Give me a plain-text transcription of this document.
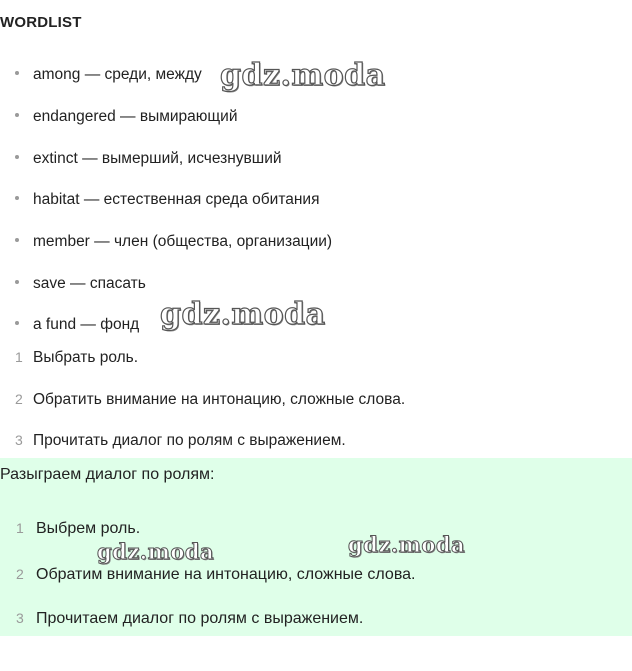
WORDLIST
among — среди, между
endangered — вымирающий
extinct — вымерший, исчезнувший
habitat — естественная среда обитания
member — член (общества, организации)
save — спасать
a fund — фонд
1 Выбрать роль.
2 Обратить внимание на интонацию, сложные слова.
3 Прочитать диалог по ролям с выражением.
Разыграем диалог по ролям:
1 Выбрем роль.
2 Обратим внимание на интонацию, сложные слова.
3 Прочитаем диалог по ролям с выражением.
gdz.moda
gdz.moda
gdz.moda	gdz.moda
